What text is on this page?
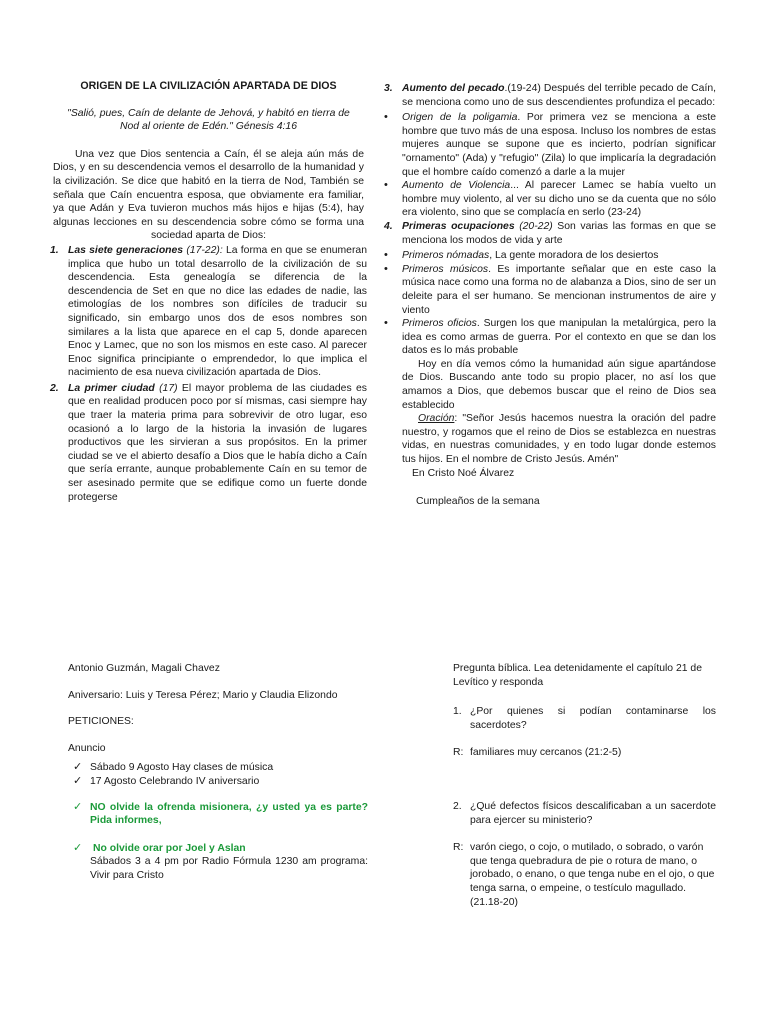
ORIGEN DE LA CIVILIZACIÓN APARTADA DE DIOS
"Salió, pues, Caín de delante de Jehová, y habitó en tierra de Nod al oriente de Edén." Génesis 4:16
Una vez que Dios sentencia a Caín, él se aleja aún más de Dios, y en su descendencia vemos el desarrollo de la humanidad y la civilización. Se dice que habitó en la tierra de Nod, También se señala que Caín encuentra esposa, que obviamente era familiar, ya que Adán y Eva tuvieron muchos más hijos e hijas (5:4), hay algunas lecciones en su descendencia sobre cómo se forma una sociedad aparta de Dios:
1. Las siete generaciones (17-22): La forma en que se enumeran implica que hubo un total desarrollo de la civilización de su descendencia. Esta genealogía se diferencia de la descendencia de Set en que no dice las edades de nadie, las etimologías de los nombres son difíciles de traducir su significado, sin embargo unos dos de esos nombres son similares a la lista que aparece en el cap 5, donde aparecen Enoc y Lamec, que no son los mismos en este caso. Al parecer Enoc significa principiante o emprendedor, lo que implica el nacimiento de esa nueva civilización apartada de Dios.
2. La primer ciudad (17) El mayor problema de las ciudades es que en realidad producen poco por sí mismas, casi siempre hay que traer la materia prima para sobrevivir de otro lugar, eso ocasionó a lo largo de la historia la invasión de lugares productivos que les sirvieran a sus propósitos. En la primer ciudad se ve el abierto desafío a Dios que le había dicho a Caín que sería errante, aunque probablemente Caín en su temor de ser asesinado permite que se edifique como un fuerte donde protegerse
3. Aumento del pecado.(19-24) Después del terrible pecado de Caín, se menciona como uno de sus descendientes profundiza el pecado:
• Origen de la poligamia. Por primera vez se menciona a este hombre que tuvo más de una esposa. Incluso los nombres de estas mujeres aunque se supone que es incierto, podrían significar "ornamento" (Ada) y "refugio" (Zila) lo que implicaría la degradación que el hombre caído comenzó a darle a la mujer
• Aumento de Violencia... Al parecer Lamec se había vuelto un hombre muy violento, al ver su dicho uno se da cuenta que no sólo era violento, sino que se complacía en serlo (23-24)
4. Primeras ocupaciones (20-22) Son varias las formas en que se menciona los modos de vida y arte
• Primeros nómadas, La gente moradora de los desiertos
• Primeros músicos. Es importante señalar que en este caso la música nace como una forma no de alabanza a Dios, sino de ser un deleite para el ser humano. Se mencionan instrumentos de aire y viento
• Primeros oficios. Surgen los que manipulan la metalúrgica, pero la idea es como armas de guerra. Por el contexto en que se dan los datos es lo más probable
Hoy en día vemos cómo la humanidad aún sigue apartándose de Dios. Buscando ante todo su propio placer, no así los que amamos a Dios, que debemos buscar que el reino de Dios sea establecido
Oración: "Señor Jesús hacemos nuestra la oración del padre nuestro, y rogamos que el reino de Dios se establezca en nuestras vidas, en nuestras comunidades, y en todo lugar donde estemos tus hijos. En el nombre de Cristo Jesús. Amén"
En Cristo Noé Álvarez
Cumpleaños de la semana
Antonio Guzmán, Magali Chavez
Aniversario: Luis y Teresa Pérez; Mario y Claudia Elizondo
PETICIONES:
Anuncio
✓ Sábado 9 Agosto Hay clases de música
✓ 17 Agosto Celebrando IV aniversario
✓ NO olvide la ofrenda misionera, ¿y usted ya es parte? Pida informes,
✓ No olvide orar por Joel y Aslan
Sábados 3 a 4 pm por Radio Fórmula 1230 am programa: Vivir para Cristo
Pregunta bíblica. Lea detenidamente el capítulo 21 de Levítico y responda
1. ¿Por quienes si podían contaminarse los sacerdotes?
R: familiares muy cercanos (21:2-5)
2. ¿Qué defectos físicos descalificaban a un sacerdote para ejercer su ministerio?
R: varón ciego, o cojo, o mutilado, o sobrado, o varón que tenga quebradura de pie o rotura de mano, o jorobado, o enano, o que tenga nube en el ojo, o que tenga sarna, o empeine, o testículo magullado. (21.18-20)
